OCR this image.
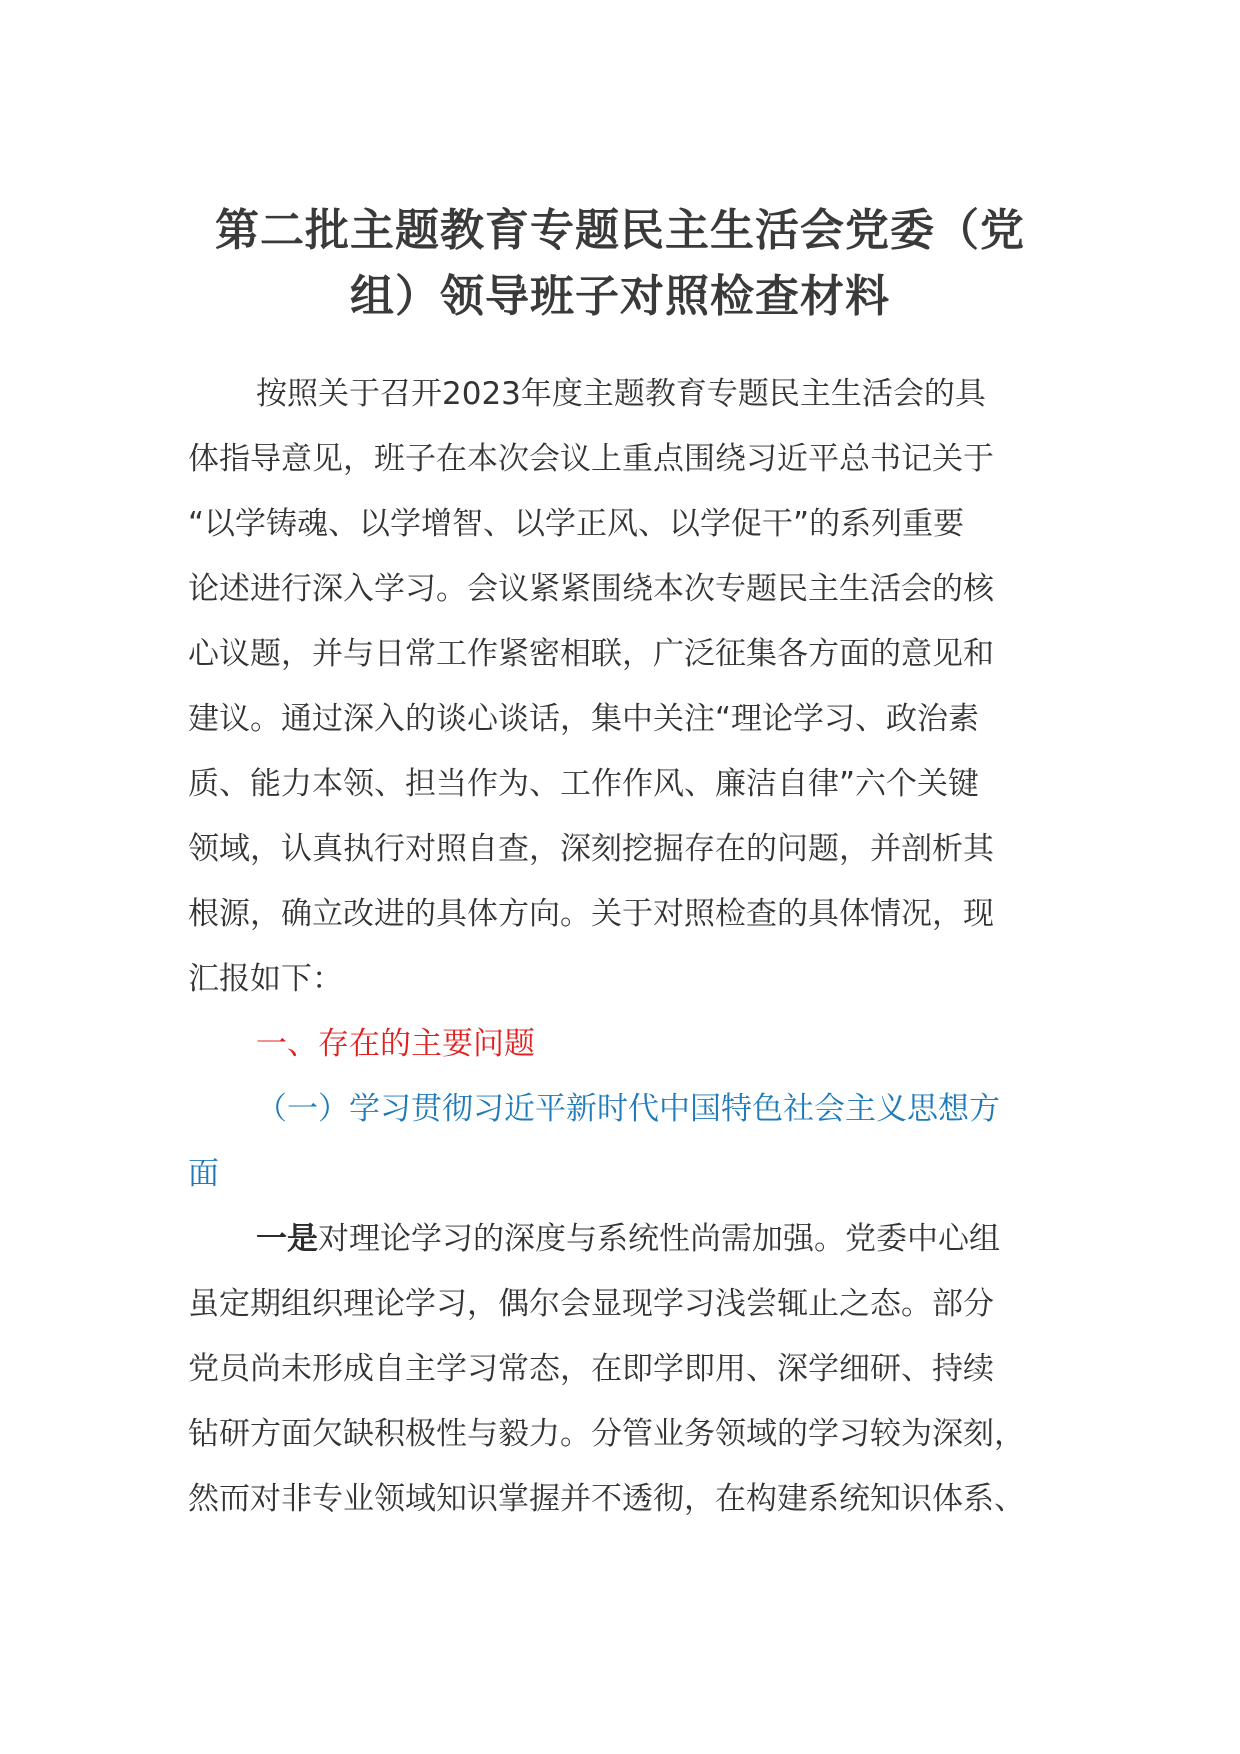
第二批主题教育专题民主生活会党委（党
组）领导班子对照检查材料
按照关于召开2023年度主题教育专题民主生活会的具
体指导意见，班子在本次会议上重点围绕习近平总书记关于
“以学铸魂、以学增智、以学正风、以学促干”的系列重要
论述进行深入学习。会议紧紧围绕本次专题民主生活会的核
心议题，并与日常工作紧密相联，广泛征集各方面的意见和
建议。通过深入的谈心谈话，集中关注“理论学习、政治素
质、能力本领、担当作为、工作作风、廉洁自律”六个关键
领域，认真执行对照自查，深刻挖掘存在的问题，并剖析其
根源，确立改进的具体方向。关于对照检查的具体情况，现
汇报如下：
一、存在的主要问题
（一）学习贯彻习近平新时代中国特色社会主义思想方
面
一是对理论学习的深度与系统性尚需加强。党委中心组
虽定期组织理论学习，偶尔会显现学习浅尝辄止之态。部分
党员尚未形成自主学习常态，在即学即用、深学细研、持续
钻研方面欠缺积极性与毅力。分管业务领域的学习较为深刻，
然而对非专业领域知识掌握并不透彻，在构建系统知识体系、
